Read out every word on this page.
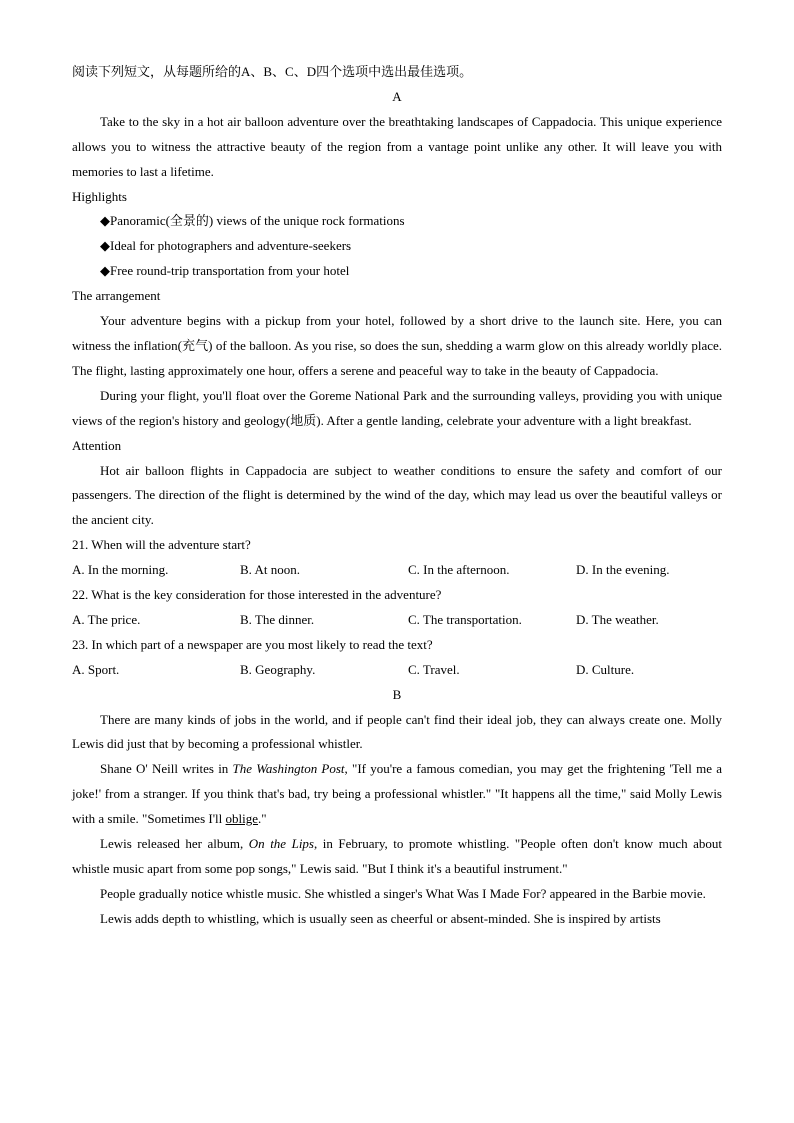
阅读下列短文，从每题所给的A、B、C、D四个选项中选出最佳选项。
A
Take to the sky in a hot air balloon adventure over the breathtaking landscapes of Cappadocia. This unique experience allows you to witness the attractive beauty of the region from a vantage point unlike any other. It will leave you with memories to last a lifetime.
Highlights
◆Panoramic(全景的) views of the unique rock formations
◆Ideal for photographers and adventure-seekers
◆Free round-trip transportation from your hotel
The arrangement
Your adventure begins with a pickup from your hotel, followed by a short drive to the launch site. Here, you can witness the inflation(充气) of the balloon. As you rise, so does the sun, shedding a warm glow on this already worldly place. The flight, lasting approximately one hour, offers a serene and peaceful way to take in the beauty of Cappadocia.
During your flight, you'll float over the Goreme National Park and the surrounding valleys, providing you with unique views of the region's history and geology(地质). After a gentle landing, celebrate your adventure with a light breakfast.
Attention
Hot air balloon flights in Cappadocia are subject to weather conditions to ensure the safety and comfort of our passengers. The direction of the flight is determined by the wind of the day, which may lead us over the beautiful valleys or the ancient city.
21. When will the adventure start?
A. In the morning.	B. At noon.	C. In the afternoon.	D. In the evening.
22. What is the key consideration for those interested in the adventure?
A. The price.	B. The dinner.	C. The transportation.	D. The weather.
23. In which part of a newspaper are you most likely to read the text?
A. Sport.	B. Geography.	C. Travel.	D. Culture.
B
There are many kinds of jobs in the world, and if people can't find their ideal job, they can always create one. Molly Lewis did just that by becoming a professional whistler.
Shane O' Neill writes in The Washington Post, "If you're a famous comedian, you may get the frightening 'Tell me a joke!' from a stranger. If you think that's bad, try being a professional whistler." "It happens all the time," said Molly Lewis with a smile. "Sometimes I'll oblige."
Lewis released her album, On the Lips, in February, to promote whistling. "People often don't know much about whistle music apart from some pop songs," Lewis said. "But I think it's a beautiful instrument."
People gradually notice whistle music. She whistled a singer's What Was I Made For? appeared in the Barbie movie.
Lewis adds depth to whistling, which is usually seen as cheerful or absent-minded. She is inspired by artists
